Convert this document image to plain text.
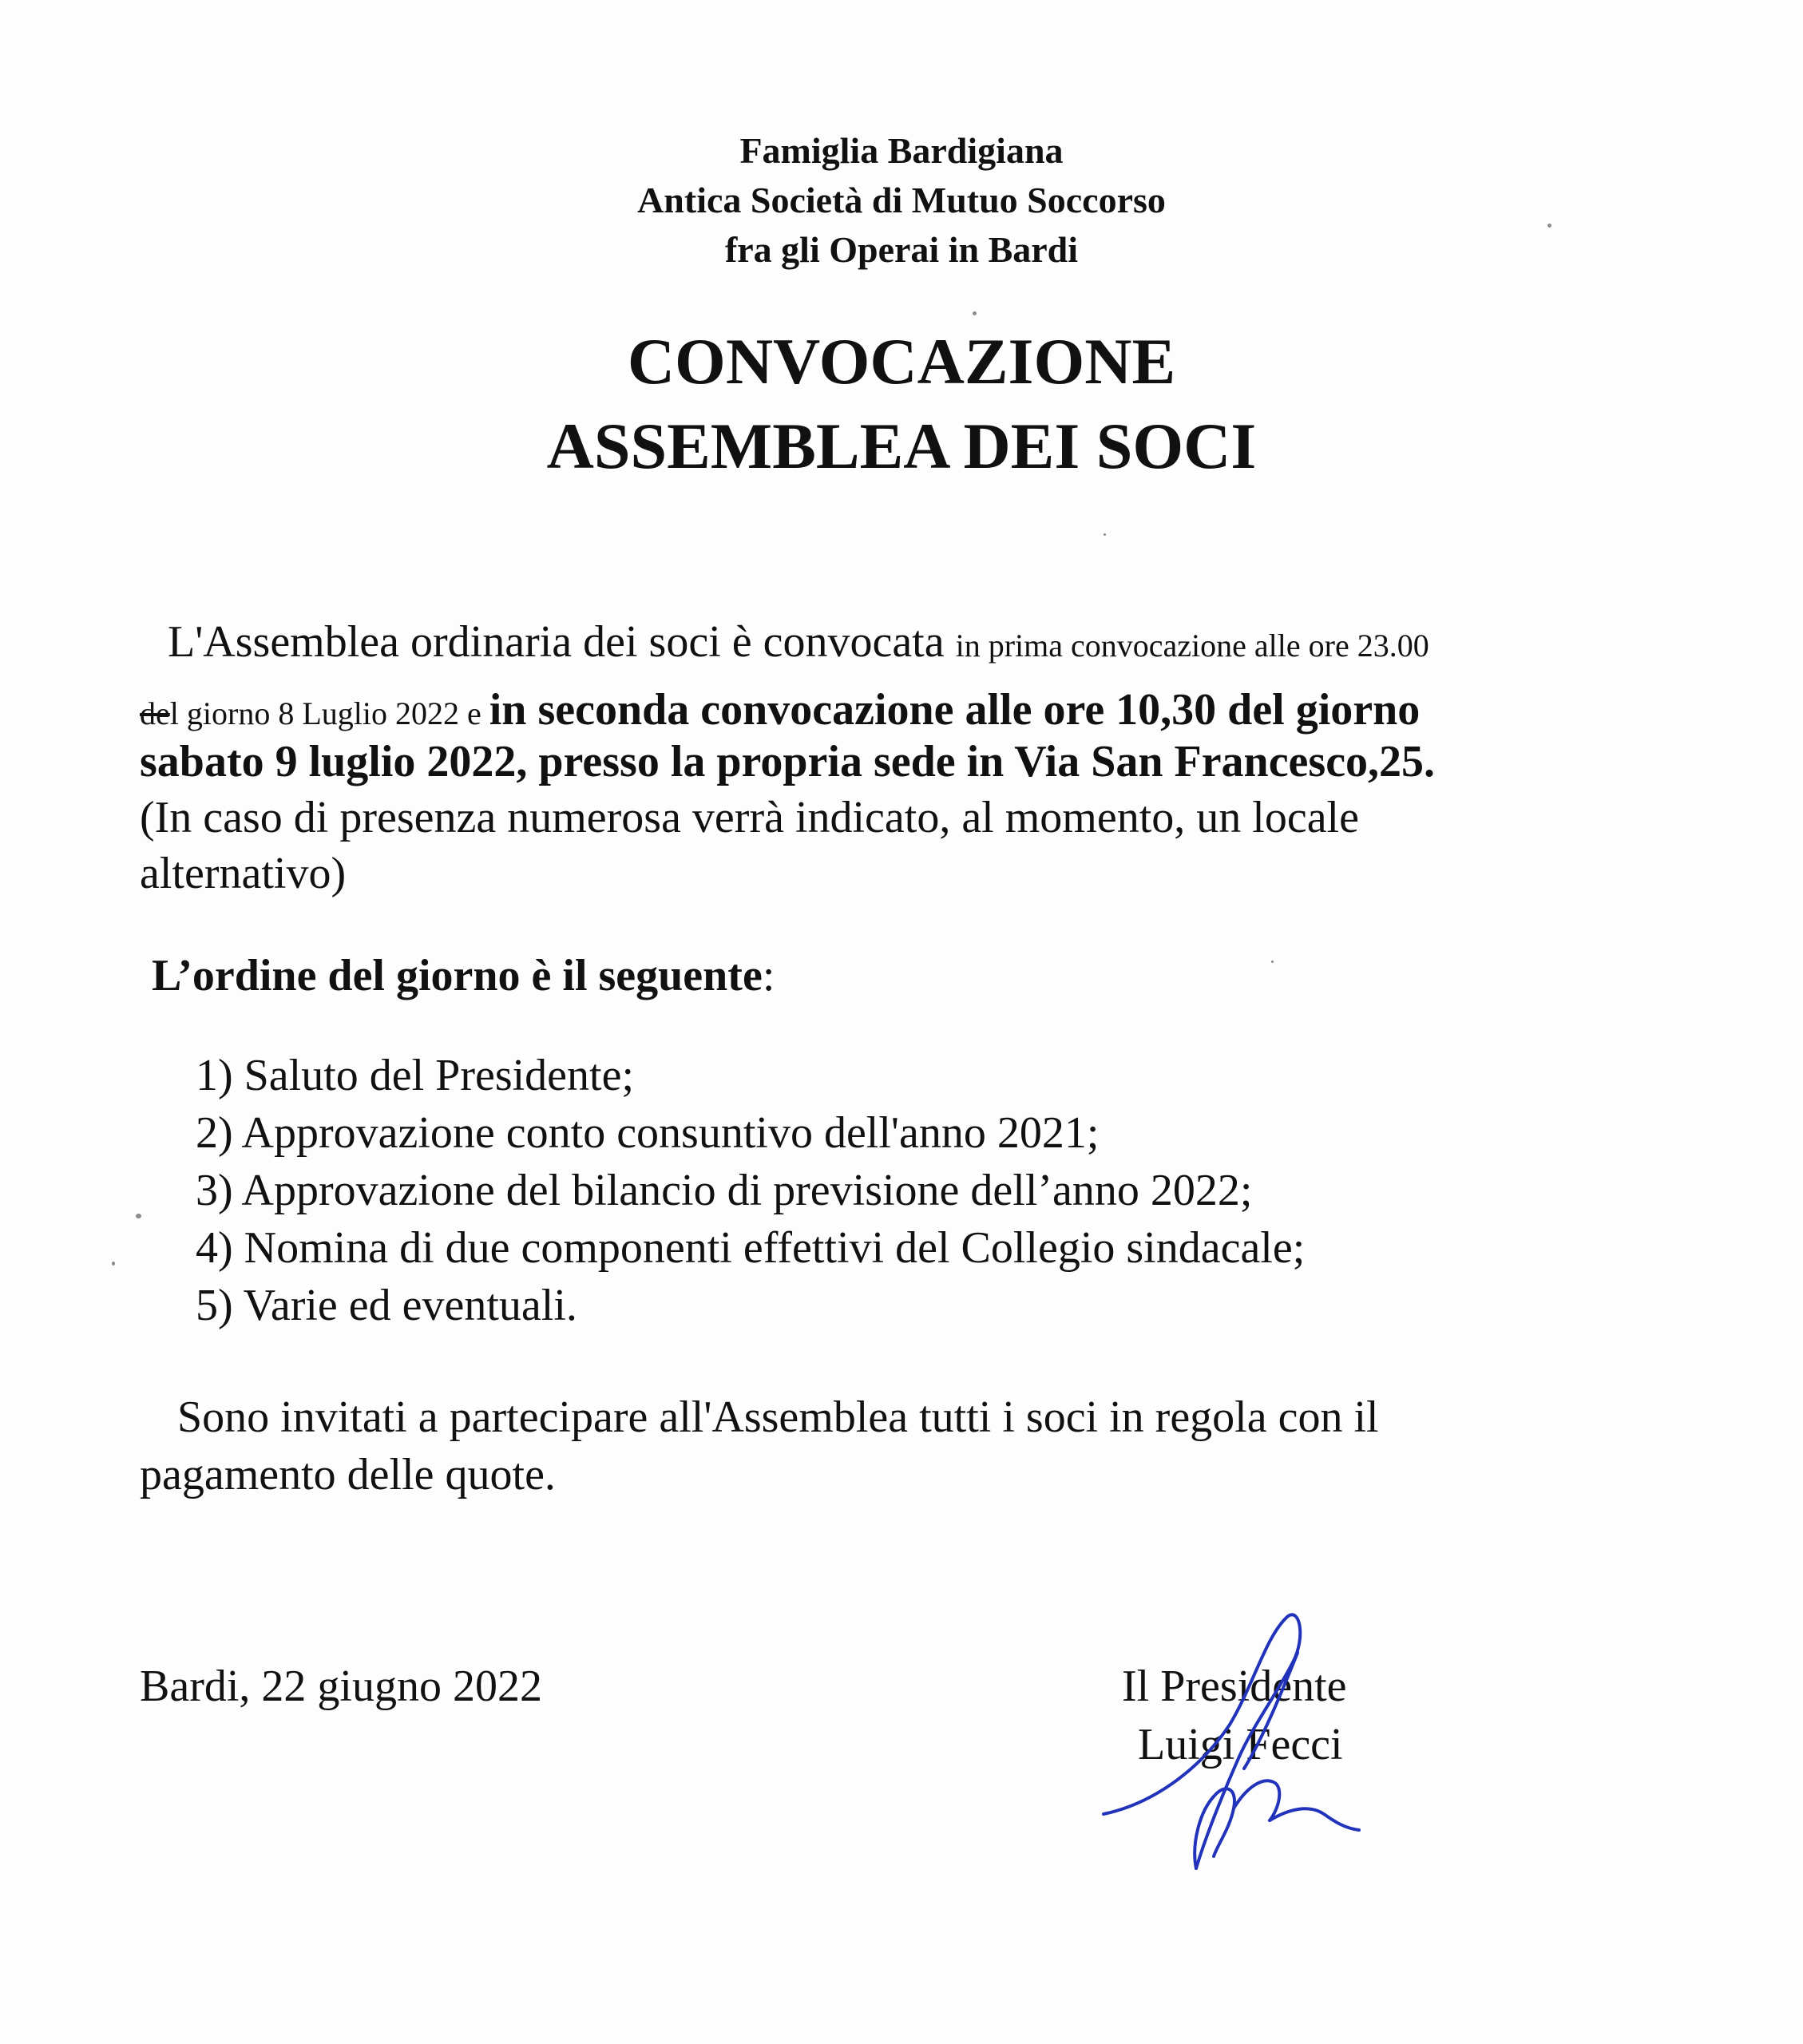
Famiglia Bardigiana
Antica Società di Mutuo Soccorso
fra gli Operai in Bardi
CONVOCAZIONE
ASSEMBLEA DEI SOCI
L'Assemblea ordinaria dei soci è convocata in prima convocazione alle ore 23.00
del giorno 8 Luglio 2022 e in seconda convocazione alle ore 10,30 del giorno
sabato 9 luglio 2022, presso la propria sede in Via San Francesco,25.
(In caso di presenza numerosa verrà indicato, al momento, un locale
alternativo)
L’ordine del giorno è il seguente:
1) Saluto del Presidente;
2) Approvazione conto consuntivo dell'anno 2021;
3) Approvazione del bilancio di previsione dell’anno 2022;
4) Nomina di due componenti effettivi del Collegio sindacale;
5) Varie ed eventuali.
Sono invitati a partecipare all'Assemblea tutti i soci in regola con il
pagamento delle quote.
Bardi, 22 giugno 2022	Il Presidente
Luigi Fecci
